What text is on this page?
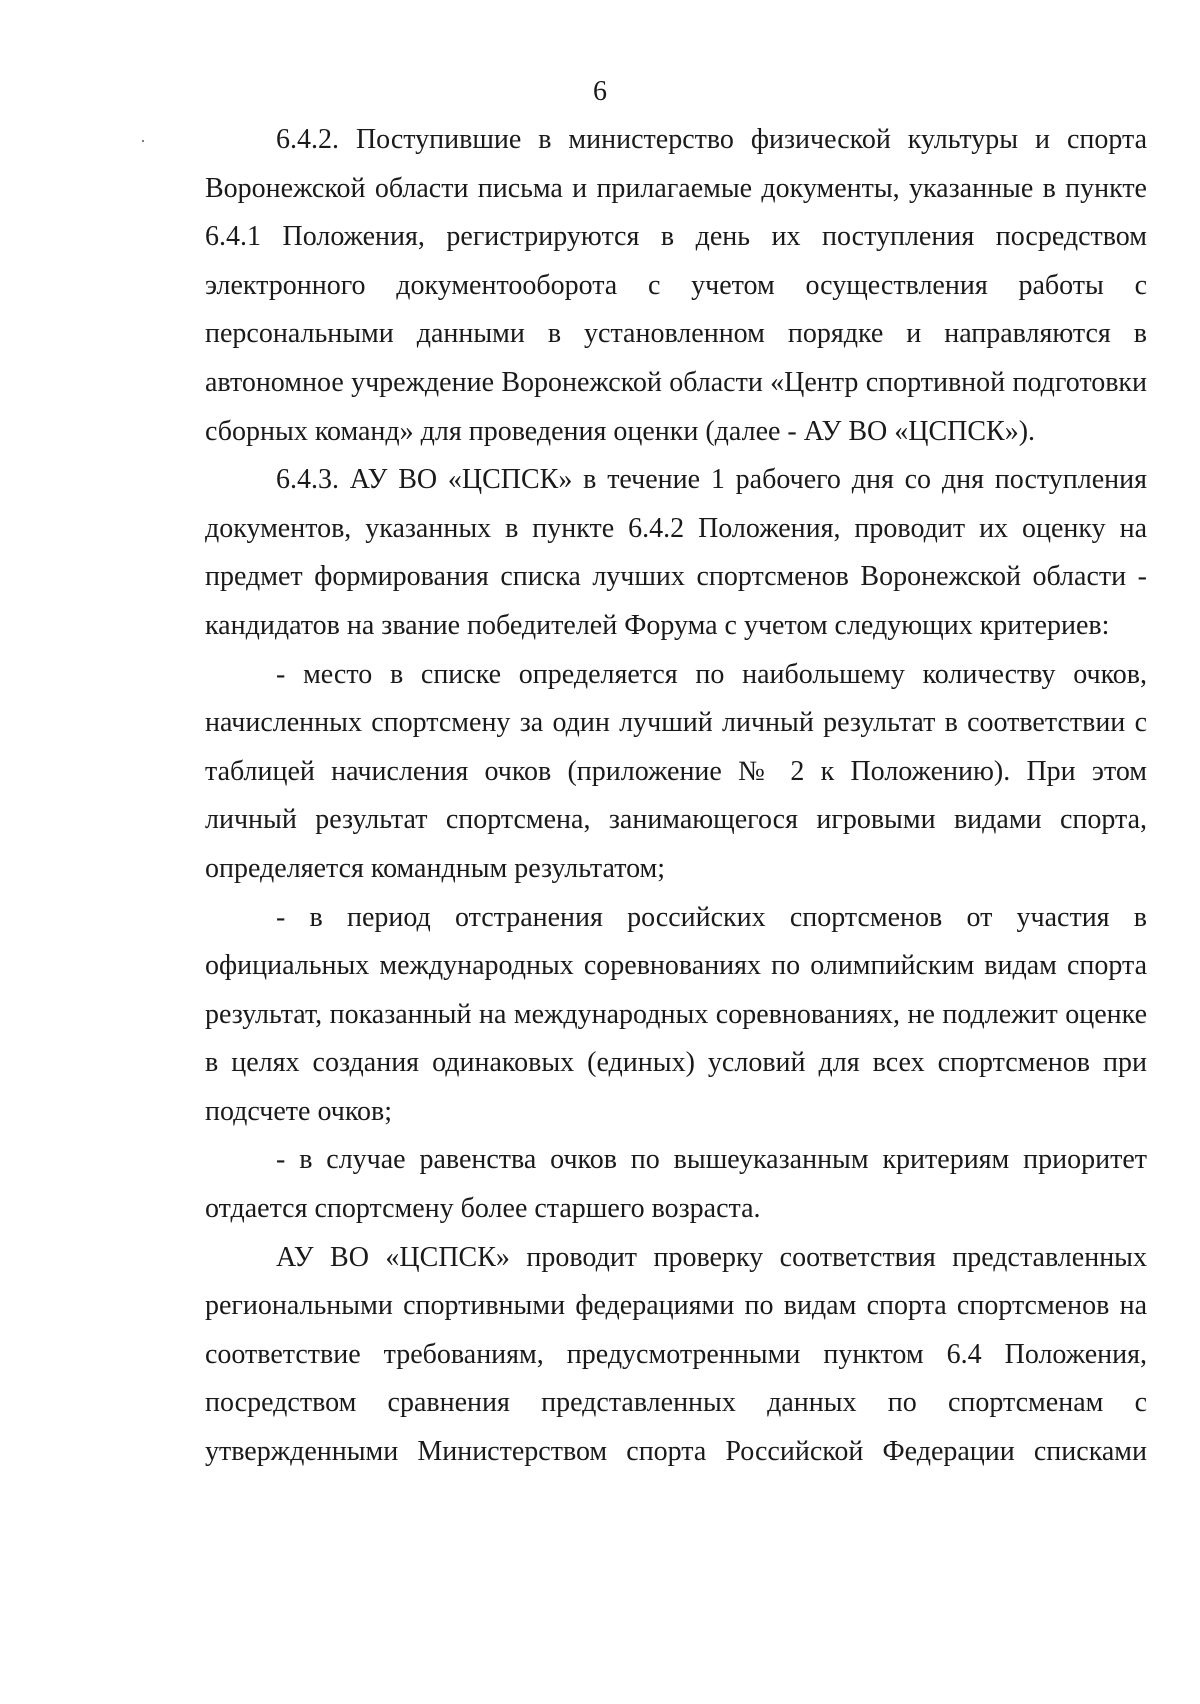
6

6.4.2. Поступившие в министерство физической культуры и спорта Воронежской области письма и прилагаемые документы, указанные в пункте 6.4.1 Положения, регистрируются в день их поступления посредством электронного документооборота с учетом осуществления работы с персональными данными в установленном порядке и направляются в автономное учреждение Воронежской области «Центр спортивной подготовки сборных команд» для проведения оценки (далее - АУ ВО «ЦСПСК»).

6.4.3. АУ ВО «ЦСПСК» в течение 1 рабочего дня со дня поступления документов, указанных в пункте 6.4.2 Положения, проводит их оценку на предмет формирования списка лучших спортсменов Воронежской области - кандидатов на звание победителей Форума с учетом следующих критериев:

- место в списке определяется по наибольшему количеству очков, начисленных спортсмену за один лучший личный результат в соответствии с таблицей начисления очков (приложение № 2 к Положению). При этом личный результат спортсмена, занимающегося игровыми видами спорта, определяется командным результатом;

- в период отстранения российских спортсменов от участия в официальных международных соревнованиях по олимпийским видам спорта результат, показанный на международных соревнованиях, не подлежит оценке в целях создания одинаковых (единых) условий для всех спортсменов при подсчете очков;

- в случае равенства очков по вышеуказанным критериям приоритет отдается спортсмену более старшего возраста.

АУ ВО «ЦСПСК» проводит проверку соответствия представленных региональными спортивными федерациями по видам спорта спортсменов на соответствие требованиям, предусмотренными пунктом 6.4 Положения, посредством сравнения представленных данных по спортсменам с утвержденными Министерством спорта Российской Федерации списками
